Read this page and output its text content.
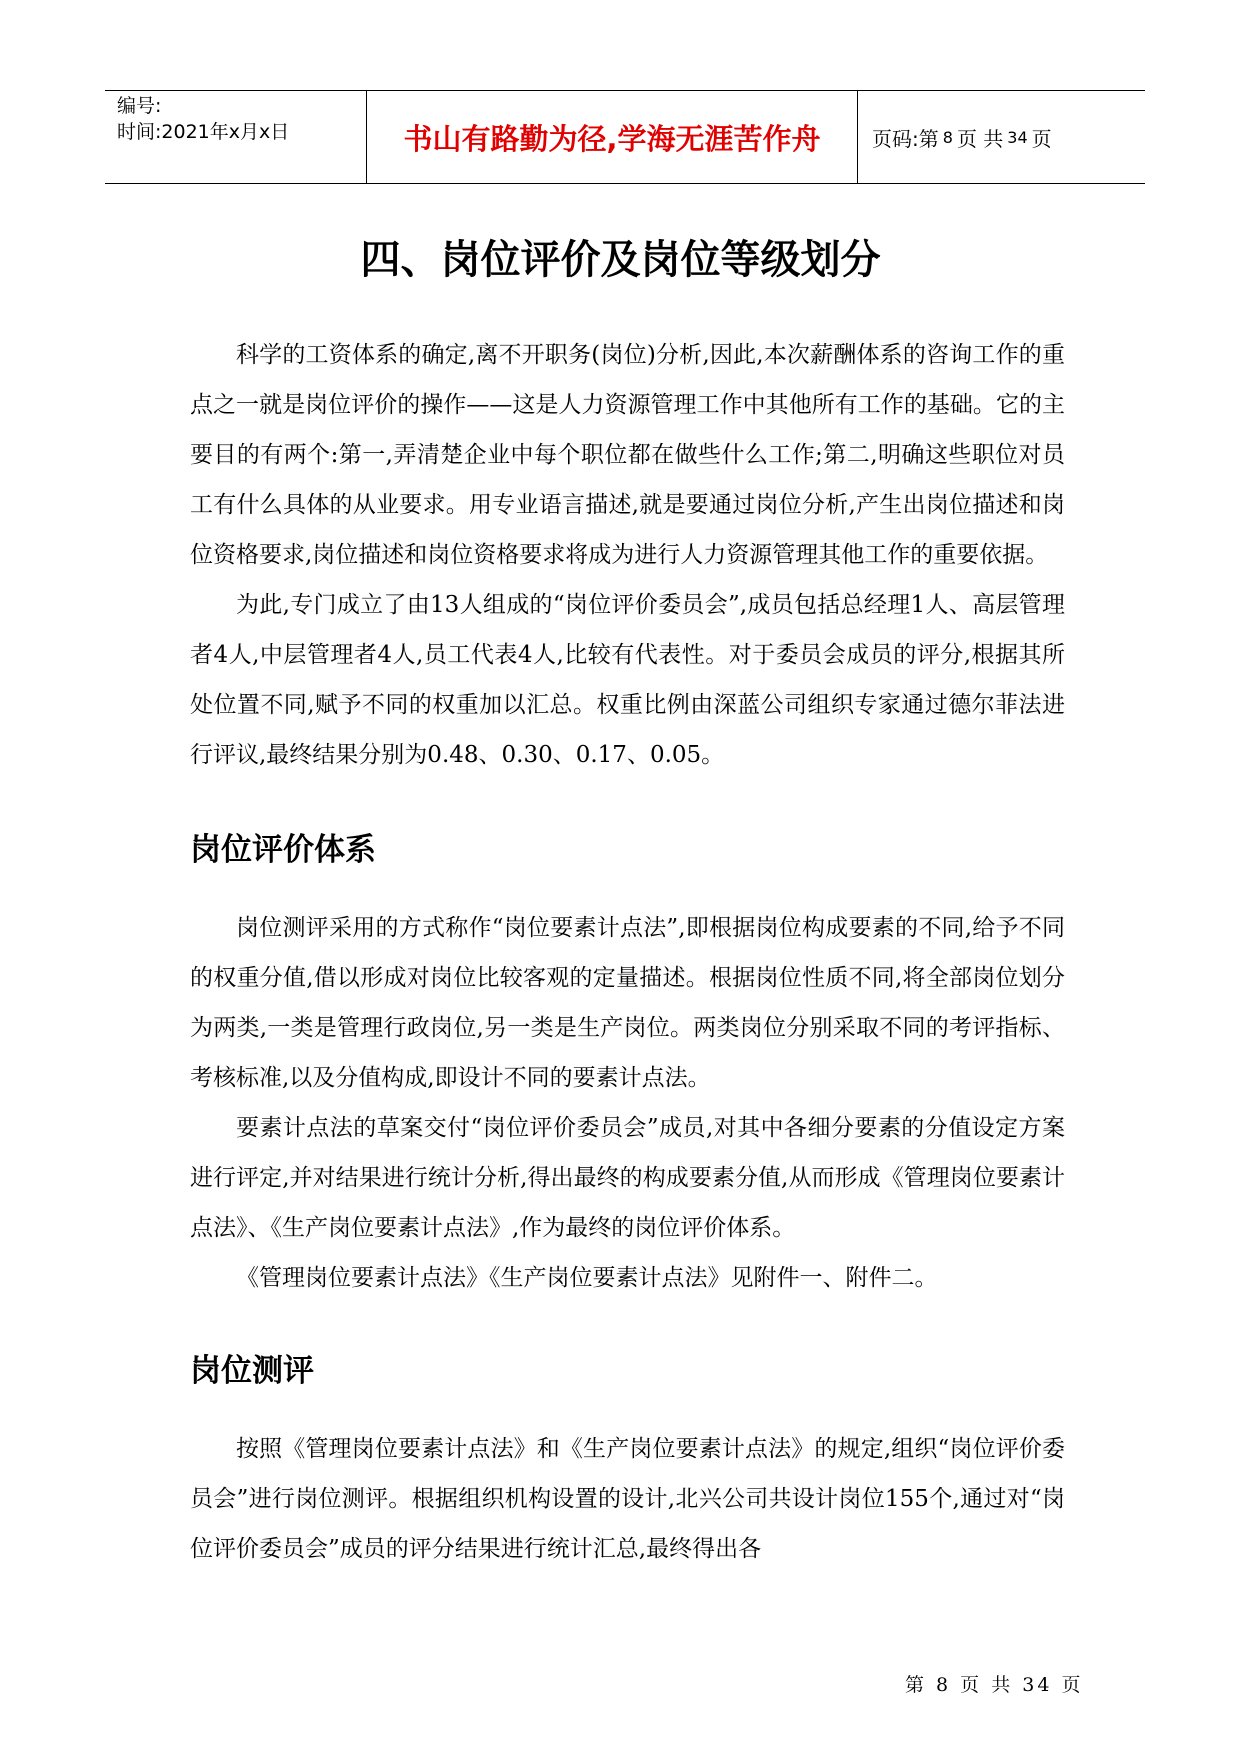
编号:
时间:2021年x月x日	书山有路勤为径,学海无涯苦作舟	页码:第 8 页 共 34 页
四、岗位评价及岗位等级划分

科学的工资体系的确定,离不开职务(岗位)分析,因此,本次薪酬体系的咨询工作的重点之一就是岗位评价的操作——这是人力资源管理工作中其他所有工作的基础。它的主要目的有两个:第一,弄清楚企业中每个职位都在做些什么工作;第二,明确这些职位对员工有什么具体的从业要求。用专业语言描述,就是要通过岗位分析,产生出岗位描述和岗位资格要求,岗位描述和岗位资格要求将成为进行人力资源管理其他工作的重要依据。

为此,专门成立了由13人组成的“岗位评价委员会”,成员包括总经理1人、高层管理者4人,中层管理者4人,员工代表4人,比较有代表性。对于委员会成员的评分,根据其所处位置不同,赋予不同的权重加以汇总。权重比例由深蓝公司组织专家通过德尔菲法进行评议,最终结果分别为0.48、0.30、0.17、0.05。

岗位评价体系

岗位测评采用的方式称作“岗位要素计点法”,即根据岗位构成要素的不同,给予不同的权重分值,借以形成对岗位比较客观的定量描述。根据岗位性质不同,将全部岗位划分为两类,一类是管理行政岗位,另一类是生产岗位。两类岗位分别采取不同的考评指标、考核标准,以及分值构成,即设计不同的要素计点法。

要素计点法的草案交付“岗位评价委员会”成员,对其中各细分要素的分值设定方案进行评定,并对结果进行统计分析,得出最终的构成要素分值,从而形成《管理岗位要素计点法》、《生产岗位要素计点法》,作为最终的岗位评价体系。

《管理岗位要素计点法》《生产岗位要素计点法》见附件一、附件二。

岗位测评

按照《管理岗位要素计点法》和《生产岗位要素计点法》的规定,组织“岗位评价委员会”进行岗位测评。根据组织机构设置的设计,北兴公司共设计岗位155个,通过对“岗位评价委员会”成员的评分结果进行统计汇总,最终得出各

第 8 页 共 34 页
